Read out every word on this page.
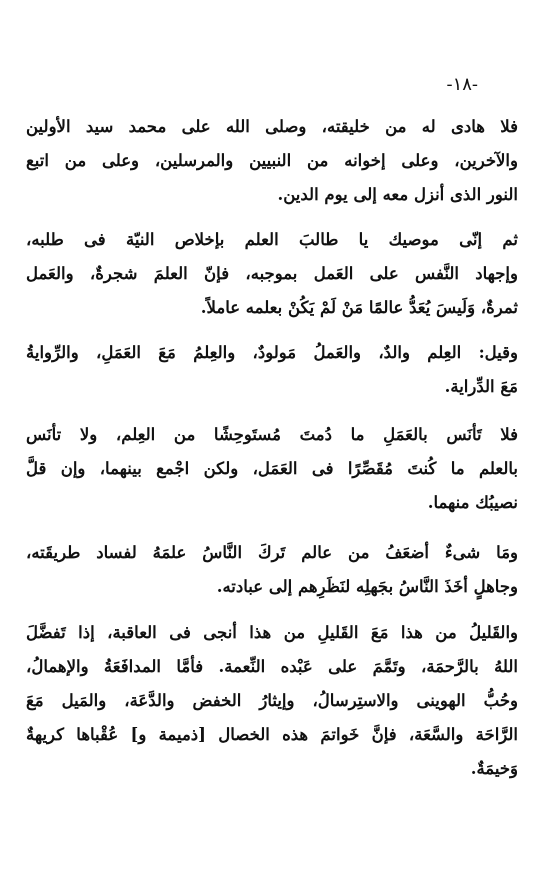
-١٨-
فلا هادى له من خليقته، وصلى الله على محمد سيد الأولين
والآخرين، وعلى إخوانه من النبيين والمرسلين، وعلى من اتبع
النور الذى أنزل معه إلى يوم الدين.
ثم إنّى موصيك يا طالبَ العلم بإخلاص النيّة فى طلبه،
وإجهاد النَّفس على العَمل بموجبه، فإنّ العلمَ شجرةٌ، والعَمل
ثمرةٌ، وَلَيسَ يُعَدُّ عالمًا مَنْ لَمْ يَكُنْ بعلمه عاملاً.
وقيل: العِلم والدٌ، والعَملُ مَولودٌ، والعِلمُ مَعَ العَمَلِ، والرِّوايةُ
مَعَ الدِّراية.
فلا تَأنَس بالعَمَلِ ما دُمتَ مُستَوحِشًا من العِلم، ولا تأنَس
بالعلم ما كُنتَ مُقَصِّرًا فى العَمَل، ولكن اجْمع بينهما، وإن قلَّ
نصيبُك منهما.
ومَا شىءٌ أضعَفُ من عالم تَركَ النَّاسُ علمَهُ لفساد طريقَته،
وجاهلٍ أخَذَ النَّاسُ بجَهلِه لنَظَرِهم إلى عبادته.
والقَليلُ من هذا مَعَ القَليلِ من هذا أنجى فى العاقبة، إذا تَفضَّلَ
اللهُ بالرَّحمَة، وتَمَّمَ على عَبْده النِّعمة. فأمَّا المدافَعَةُ والإهمالُ،
وحُبُّ الهوينى والاستِرسالُ، وإيثارُ الخفض والدَّعَة، والمَيل مَعَ
الرَّاحَة والسَّعَة، فإنَّ خَواتمَ هذه الخصال [ذميمة و] عُقْباها كريهةٌ
وَخيمَةٌ.
